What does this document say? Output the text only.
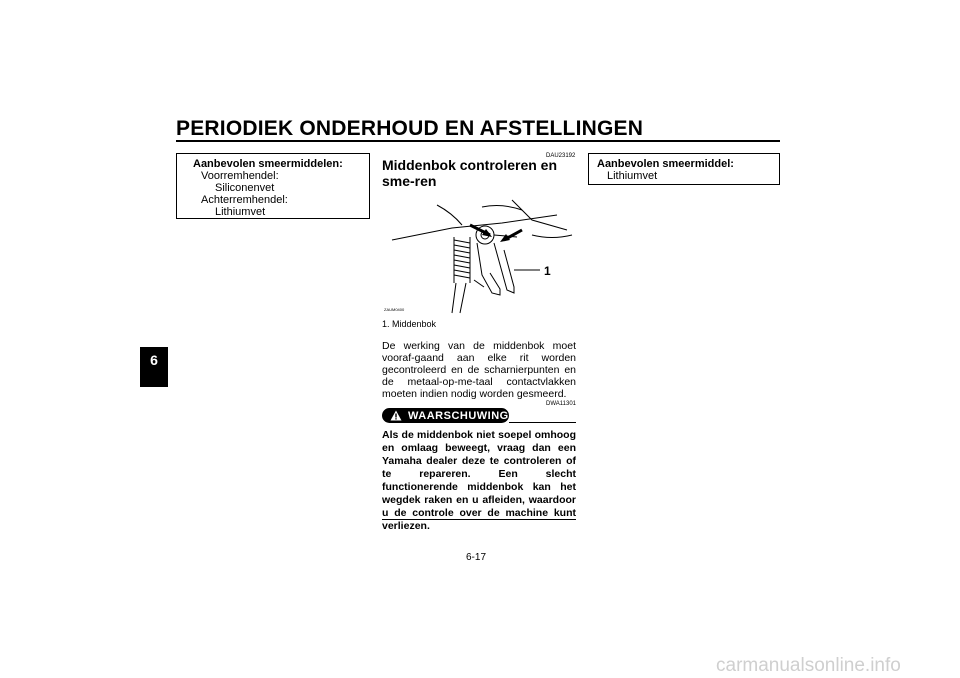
PERIODIEK ONDERHOUD EN AFSTELLINGEN
6
Aanbevolen smeermiddelen:
Voorremhendel:
Siliconenvet
Achterremhendel:
Lithiumvet
DAU23192
Middenbok controleren en sme-ren
1
ZAUM0400
1. Middenbok
De werking van de middenbok moet vooraf-gaand aan elke rit worden gecontroleerd en de scharnierpunten en de metaal-op-me-taal contactvlakken moeten indien nodig worden gesmeerd.
DWA11301
WAARSCHUWING
Als de middenbok niet soepel omhoog en omlaag beweegt, vraag dan een Yamaha dealer deze te controleren of te repareren. Een slecht functionerende middenbok kan het wegdek raken en u afleiden, waardoor u de controle over de machine kunt verliezen.
Aanbevolen smeermiddel:
Lithiumvet
6-17
carmanualsonline.info
